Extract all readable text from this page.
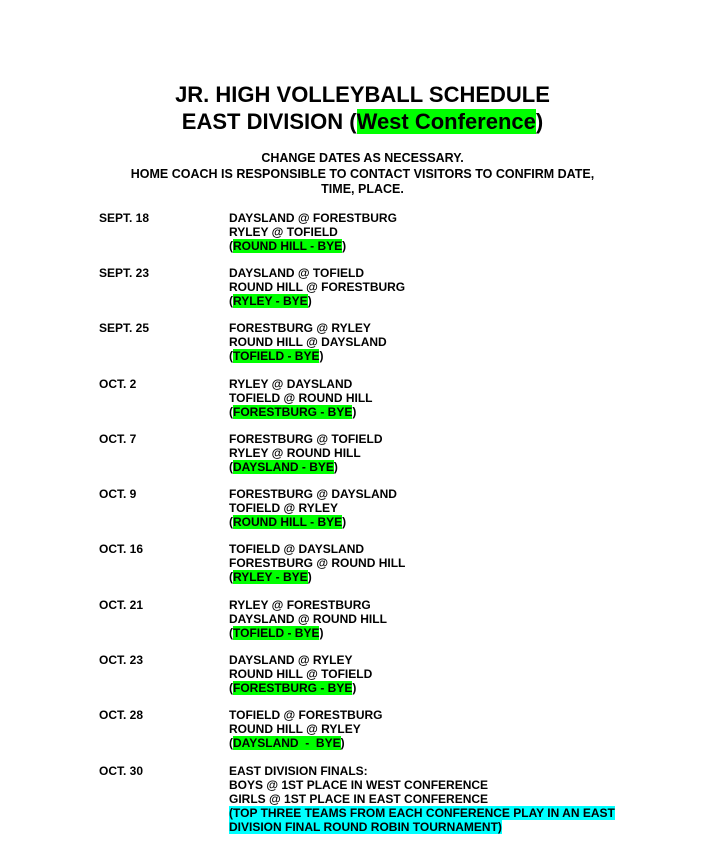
JR. HIGH VOLLEYBALL SCHEDULE
EAST DIVISION (West Conference)
CHANGE DATES AS NECESSARY.
HOME COACH IS RESPONSIBLE TO CONTACT VISITORS TO CONFIRM DATE,
TIME, PLACE.
SEPT. 18	DAYSLAND @ FORESTBURG
RYLEY @ TOFIELD
(ROUND HILL - BYE)
SEPT. 23	DAYSLAND @ TOFIELD
ROUND HILL @ FORESTBURG
(RYLEY - BYE)
SEPT. 25	FORESTBURG @ RYLEY
ROUND HILL @ DAYSLAND
(TOFIELD - BYE)
OCT. 2	RYLEY @ DAYSLAND
TOFIELD @ ROUND HILL
(FORESTBURG - BYE)
OCT. 7	FORESTBURG @ TOFIELD
RYLEY @ ROUND HILL
(DAYSLAND - BYE)
OCT. 9	FORESTBURG @ DAYSLAND
TOFIELD @ RYLEY
(ROUND HILL - BYE)
OCT. 16	TOFIELD @ DAYSLAND
FORESTBURG @ ROUND HILL
(RYLEY - BYE)
OCT. 21	RYLEY @ FORESTBURG
DAYSLAND @ ROUND HILL
(TOFIELD - BYE)
OCT. 23	DAYSLAND @ RYLEY
ROUND HILL @ TOFIELD
(FORESTBURG - BYE)
OCT. 28	TOFIELD @ FORESTBURG
ROUND HILL @ RYLEY
(DAYSLAND  -  BYE)
OCT. 30	EAST DIVISION FINALS:
BOYS @ 1ST PLACE IN WEST CONFERENCE
GIRLS @ 1ST PLACE IN EAST CONFERENCE
(TOP THREE TEAMS FROM EACH CONFERENCE PLAY IN AN EAST
DIVISION FINAL ROUND ROBIN TOURNAMENT)
